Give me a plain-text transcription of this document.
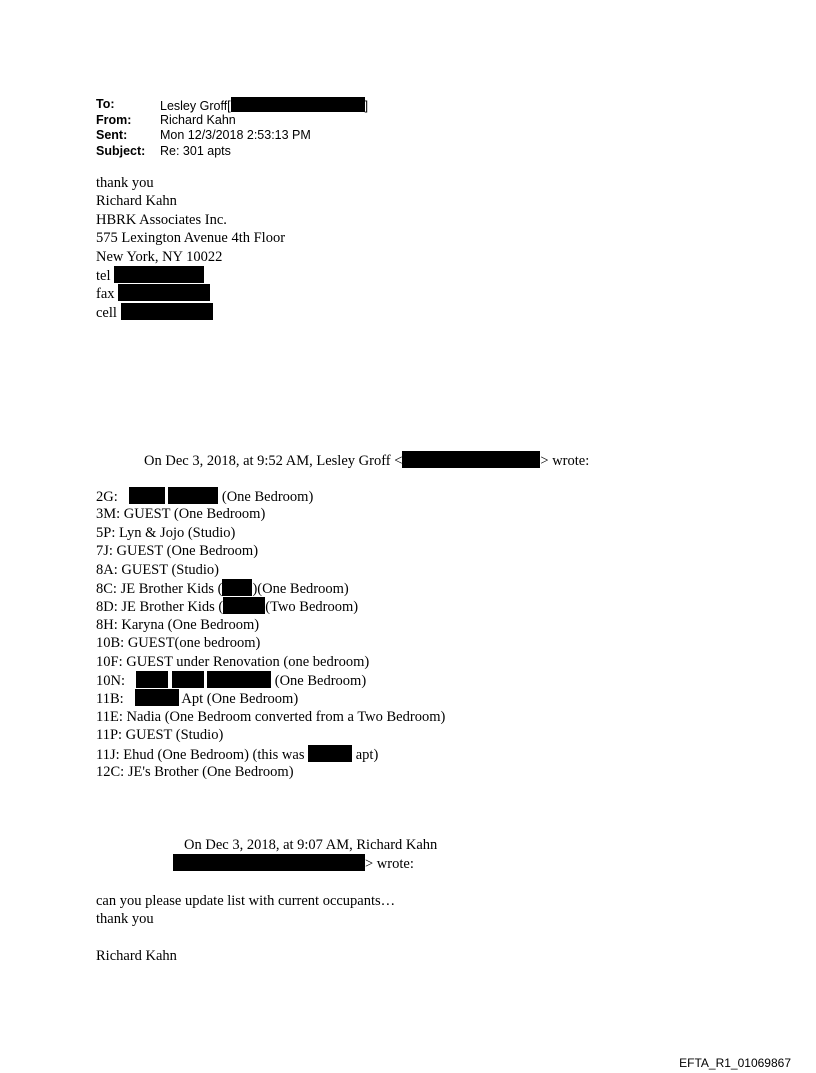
To:	Lesley Groff[	]
From: Richard Kahn
Sent:	Mon 12/3/2018 2:53:13 PM
Subject: Re: 301 apts
thank you
Richard Kahn
HBRK Associates Inc.
575 Lexington Avenue 4th Floor
New York, NY 10022
tel
fax
cell
On Dec 3, 2018, at 9:52 AM, Lesley Groff <	> wrote:
2G:	(One Bedroom)
3M: GUEST (One Bedroom)
5P: Lyn & Jojo (Studio)
7J: GUEST (One Bedroom)
8A: GUEST (Studio)
8C: JE Brother Kids ( )(One Bedroom)
8D: JE Brother Kids (	(Two Bedroom)
8H: Karyna (One Bedroom)
10B: GUEST(one bedroom)
10F: GUEST under Renovation (one bedroom)
10N:	(One Bedroom)
11B:	Apt (One Bedroom)
11E: Nadia (One Bedroom converted from a Two Bedroom)
11P: GUEST (Studio)
11J: Ehud (One Bedroom) (this was	apt)
12C: JE's Brother (One Bedroom)
On Dec 3, 2018, at 9:07 AM, Richard Kahn
> wrote:
can you please update list with current occupants…
thank you
Richard Kahn
EFTA_R1_01069867
